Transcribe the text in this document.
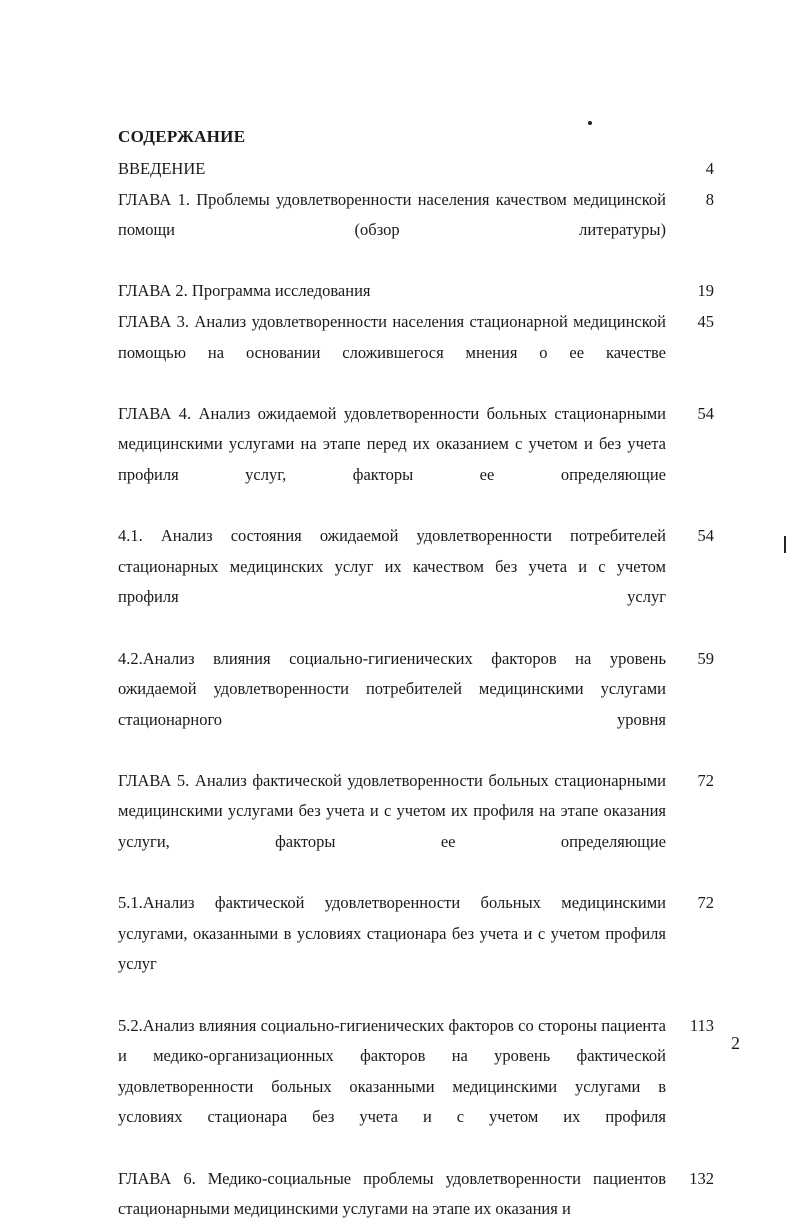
СОДЕРЖАНИЕ
ВВЕДЕНИЕ	4
ГЛАВА 1. Проблемы удовлетворенности населения качеством медицинской помощи (обзор литературы)
8
ГЛАВА 2. Программа исследования	19
ГЛАВА 3. Анализ удовлетворенности населения стационарной медицинской помощью на основании сложившегося мнения о ее качестве
45
ГЛАВА 4. Анализ ожидаемой удовлетворенности больных стационарными медицинскими услугами на этапе перед их оказанием с учетом и без учета профиля услуг, факторы ее определяющие
54
4.1. Анализ состояния ожидаемой удовлетворенности потребителей стационарных медицинских услуг их качеством без учета и с учетом профиля услуг
54
4.2.Анализ влияния социально-гигиенических факторов на уровень ожидаемой удовлетворенности потребителей медицинскими услугами стационарного уровня
59
ГЛАВА 5. Анализ фактической удовлетворенности больных стационарными медицинскими услугами без учета и с учетом их профиля на этапе оказания услуги, факторы ее определяющие
72
5.1.Анализ фактической удовлетворенности больных медицинскими услугами, оказанными в условиях стационара без учета и с учетом профиля услуг
72
5.2.Анализ влияния социально-гигиенических факторов со стороны пациента и медико-организационных факторов на уровень фактической удовлетворенности больных оказанными медицинскими услугами в условиях стационара без учета и с учетом их профиля
113
ГЛАВА 6. Медико-социальные проблемы удовлетворенности пациентов стационарными медицинскими услугами на этапе их оказания и
132
2
